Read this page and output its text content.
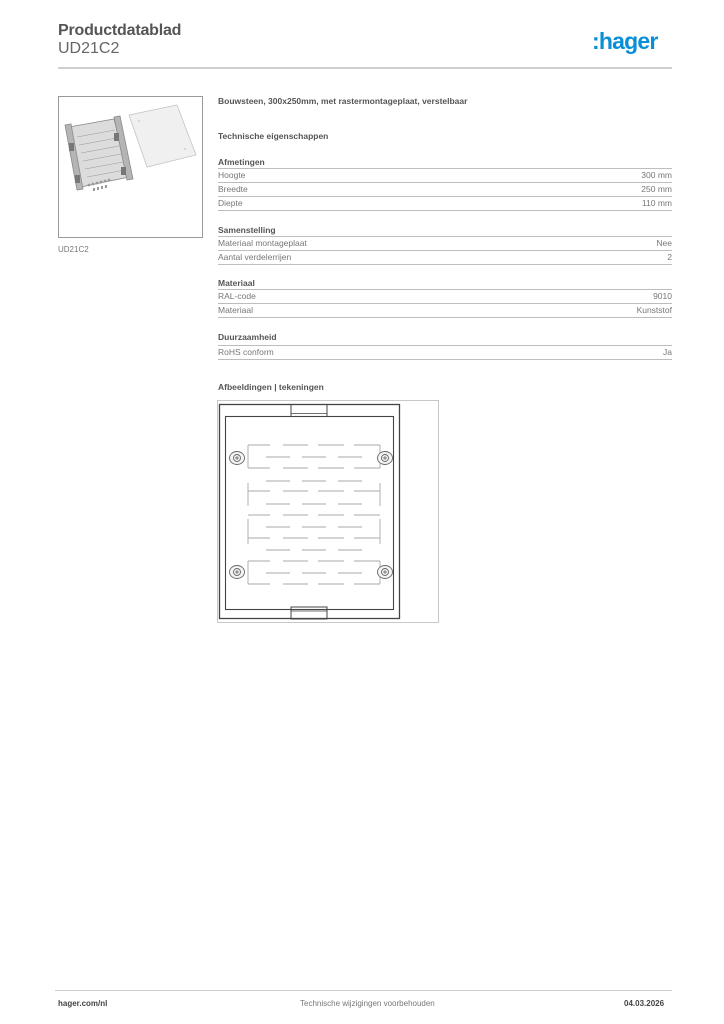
Productdatablad
UD21C2	:hager
UD21C2
Bouwsteen, 300x250mm, met rastermontageplaat, verstelbaar
Technische eigenschappen
Afmetingen
Hoogte	300 mm
Breedte	250 mm
Diepte	110 mm
Samenstelling
Materiaal montageplaat	Nee
Aantal verdelerrijen	2
Materiaal
RAL-code	9010
Materiaal	Kunststof
Duurzaamheid
RoHS conform	Ja
Afbeeldingen | tekeningen
hager.com/nl	Technische wijzigingen voorbehouden	04.03.2026
